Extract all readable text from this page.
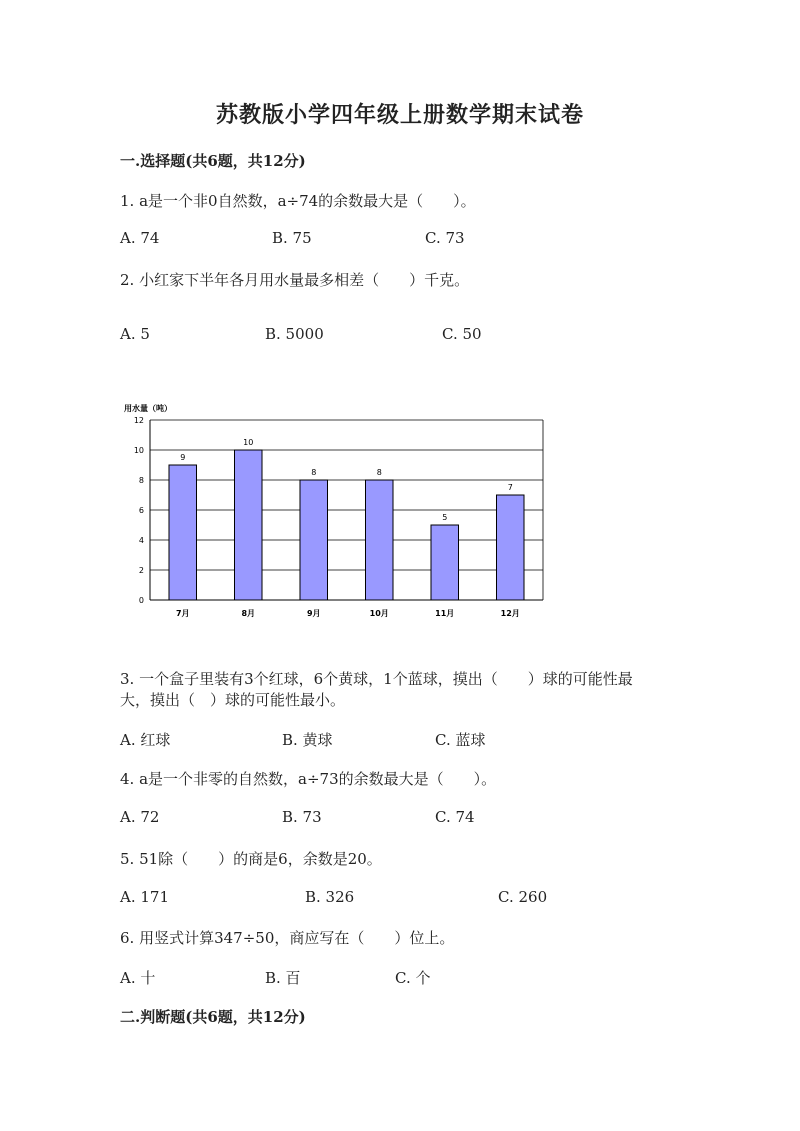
苏教版小学四年级上册数学期末试卷
一.选择题(共6题，共12分)
1. a是一个非0自然数，a÷74的余数最大是（　　）。
A. 74	B. 75	C. 73
2. 小红家下半年各月用水量最多相差（　　）千克。
A. 5	B. 5000	C. 50
用水量（吨）
0
2
4
6
8
10
12
9
7月
10
8月
8
9月
8
10月
5
11月
7
12月
3. 一个盒子里装有3个红球，6个黄球，1个蓝球，摸出（　　）球的可能性最
大，摸出（　）球的可能性最小。
A. 红球	B. 黄球	C. 蓝球
4. a是一个非零的自然数，a÷73的余数最大是（　　）。
A. 72	B. 73	C. 74
5. 51除（　　）的商是6，余数是20。
A. 171	B. 326	C. 260
6. 用竖式计算347÷50，商应写在（　　）位上。
A. 十	B. 百	C. 个
二.判断题(共6题，共12分)
